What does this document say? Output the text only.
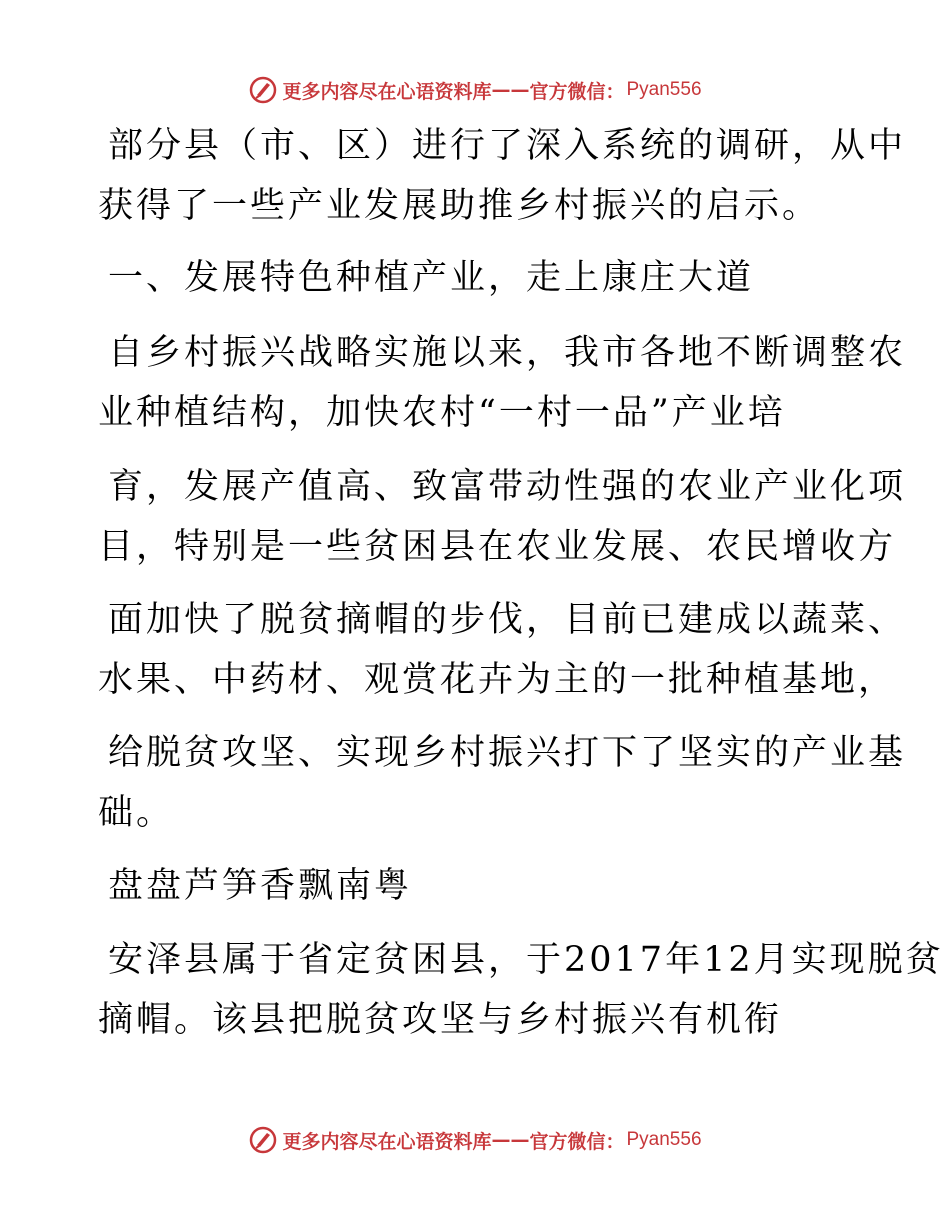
更多内容尽在心语资料库 —— 官方微信： Pyan556
部分县（市、区）进行了深入系统的调研，从中
获得了一些产业发展助推乡村振兴的启示。
一、发展特色种植产业，走上康庄大道
自乡村振兴战略实施以来，我市各地不断调整农
业种植结构，加快农村“一村一品”产业培
育，发展产值高、致富带动性强的农业产业化项
目，特别是一些贫困县在农业发展、农民增收方
面加快了脱贫摘帽的步伐，目前已建成以蔬菜、
水果、中药材、观赏花卉为主的一批种植基地，
给脱贫攻坚、实现乡村振兴打下了坚实的产业基
础。
盘盘芦笋香飘南粤
安泽县属于省定贫困县，于2017年12月实现脱贫
摘帽。该县把脱贫攻坚与乡村振兴有机衔
更多内容尽在心语资料库 —— 官方微信： Pyan556
